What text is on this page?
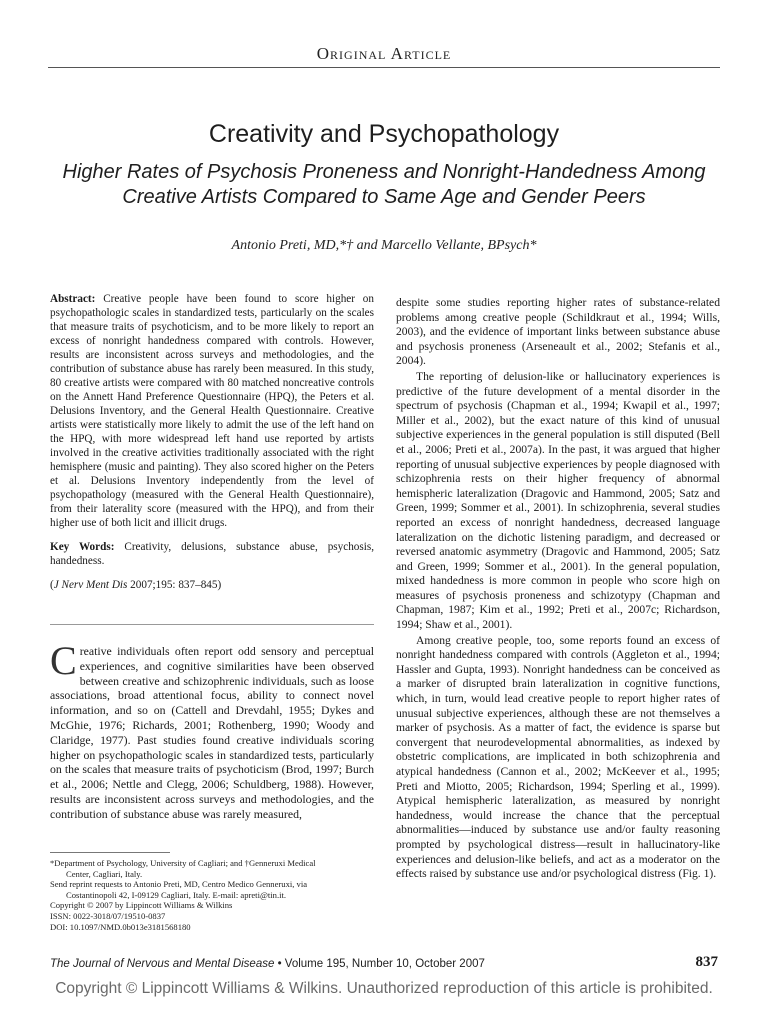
Original Article
Creativity and Psychopathology
Higher Rates of Psychosis Proneness and Nonright-Handedness Among Creative Artists Compared to Same Age and Gender Peers
Antonio Preti, MD,*† and Marcello Vellante, BPsych*

Abstract: Creative people have been found to score higher on psychopathologic scales in standardized tests, particularly on the scales that measure traits of psychoticism, and to be more likely to report an excess of nonright handedness compared with controls. However, results are inconsistent across surveys and methodologies, and the contribution of substance abuse has rarely been measured. In this study, 80 creative artists were compared with 80 matched noncreative controls on the Annett Hand Preference Questionnaire (HPQ), the Peters et al. Delusions Inventory, and the General Health Questionnaire. Creative artists were statistically more likely to admit the use of the left hand on the HPQ, with more widespread left hand use reported by artists involved in the creative activities traditionally associated with the right hemisphere (music and painting). They also scored higher on the Peters et al. Delusions Inventory independently from the level of psychopathology (measured with the General Health Questionnaire), from their laterality score (measured with the HPQ), and from their higher use of both licit and illicit drugs.

Key Words: Creativity, delusions, substance abuse, psychosis, handedness.

(J Nerv Ment Dis 2007;195: 837–845)

Creative individuals often report odd sensory and perceptual experiences, and cognitive similarities have been observed between creative and schizophrenic individuals, such as loose associations, broad attentional focus, ability to connect novel information, and so on (Cattell and Drevdahl, 1955; Dykes and McGhie, 1976; Richards, 2001; Rothenberg, 1990; Woody and Claridge, 1977). Past studies found creative individuals scoring higher on psychopathologic scales in standardized tests, particularly on the scales that measure traits of psychoticism (Brod, 1997; Burch et al., 2006; Nettle and Clegg, 2006; Schuldberg, 1988). However, results are inconsistent across surveys and methodologies, and the contribution of substance abuse was rarely measured,
*Department of Psychology, University of Cagliari; and †Genneruxi Medical
Center, Cagliari, Italy.
Send reprint requests to Antonio Preti, MD, Centro Medico Genneruxi, via
Costantinopoli 42, I-09129 Cagliari, Italy. E-mail: apreti@tin.it.
Copyright © 2007 by Lippincott Williams & Wilkins
ISSN: 0022-3018/07/19510-0837
DOI: 10.1097/NMD.0b013e3181568180

despite some studies reporting higher rates of substance-related problems among creative people (Schildkraut et al., 1994; Wills, 2003), and the evidence of important links between substance abuse and psychosis proneness (Arseneault et al., 2002; Stefanis et al., 2004).

The reporting of delusion-like or hallucinatory experiences is predictive of the future development of a mental disorder in the spectrum of psychosis (Chapman et al., 1994; Kwapil et al., 1997; Miller et al., 2002), but the exact nature of this kind of unusual subjective experiences in the general population is still disputed (Bell et al., 2006; Preti et al., 2007a). In the past, it was argued that higher reporting of unusual subjective experiences by people diagnosed with schizophrenia rests on their higher frequency of abnormal hemispheric lateralization (Dragovic and Hammond, 2005; Satz and Green, 1999; Sommer et al., 2001). In schizophrenia, several studies reported an excess of nonright handedness, decreased language lateralization on the dichotic listening paradigm, and decreased or reversed anatomic asymmetry (Dragovic and Hammond, 2005; Satz and Green, 1999; Sommer et al., 2001). In the general population, mixed handedness is more common in people who score high on measures of psychosis proneness and schizotypy (Chapman and Chapman, 1987; Kim et al., 1992; Preti et al., 2007c; Richardson, 1994; Shaw et al., 2001).

Among creative people, too, some reports found an excess of nonright handedness compared with controls (Aggleton et al., 1994; Hassler and Gupta, 1993). Nonright handedness can be conceived as a marker of disrupted brain lateralization in cognitive functions, which, in turn, would lead creative people to report higher rates of unusual subjective experiences, although these are not themselves a marker of psychosis. As a matter of fact, the evidence is sparse but convergent that neurodevelopmental abnormalities, as indexed by obstetric complications, are implicated in both schizophrenia and atypical handedness (Cannon et al., 2002; McKeever et al., 1995; Preti and Miotto, 2005; Richardson, 1994; Sperling et al., 1999). Atypical hemispheric lateralization, as measured by nonright handedness, would increase the chance that the perceptual abnormalities—induced by substance use and/or faulty reasoning prompted by psychological distress—result in hallucinatory-like experiences and delusion-like beliefs, and act as a moderator on the effects raised by substance use and/or psychological distress (Fig. 1).

The Journal of Nervous and Mental Disease • Volume 195, Number 10, October 2007	837
Copyright © Lippincott Williams & Wilkins. Unauthorized reproduction of this article is prohibited.
